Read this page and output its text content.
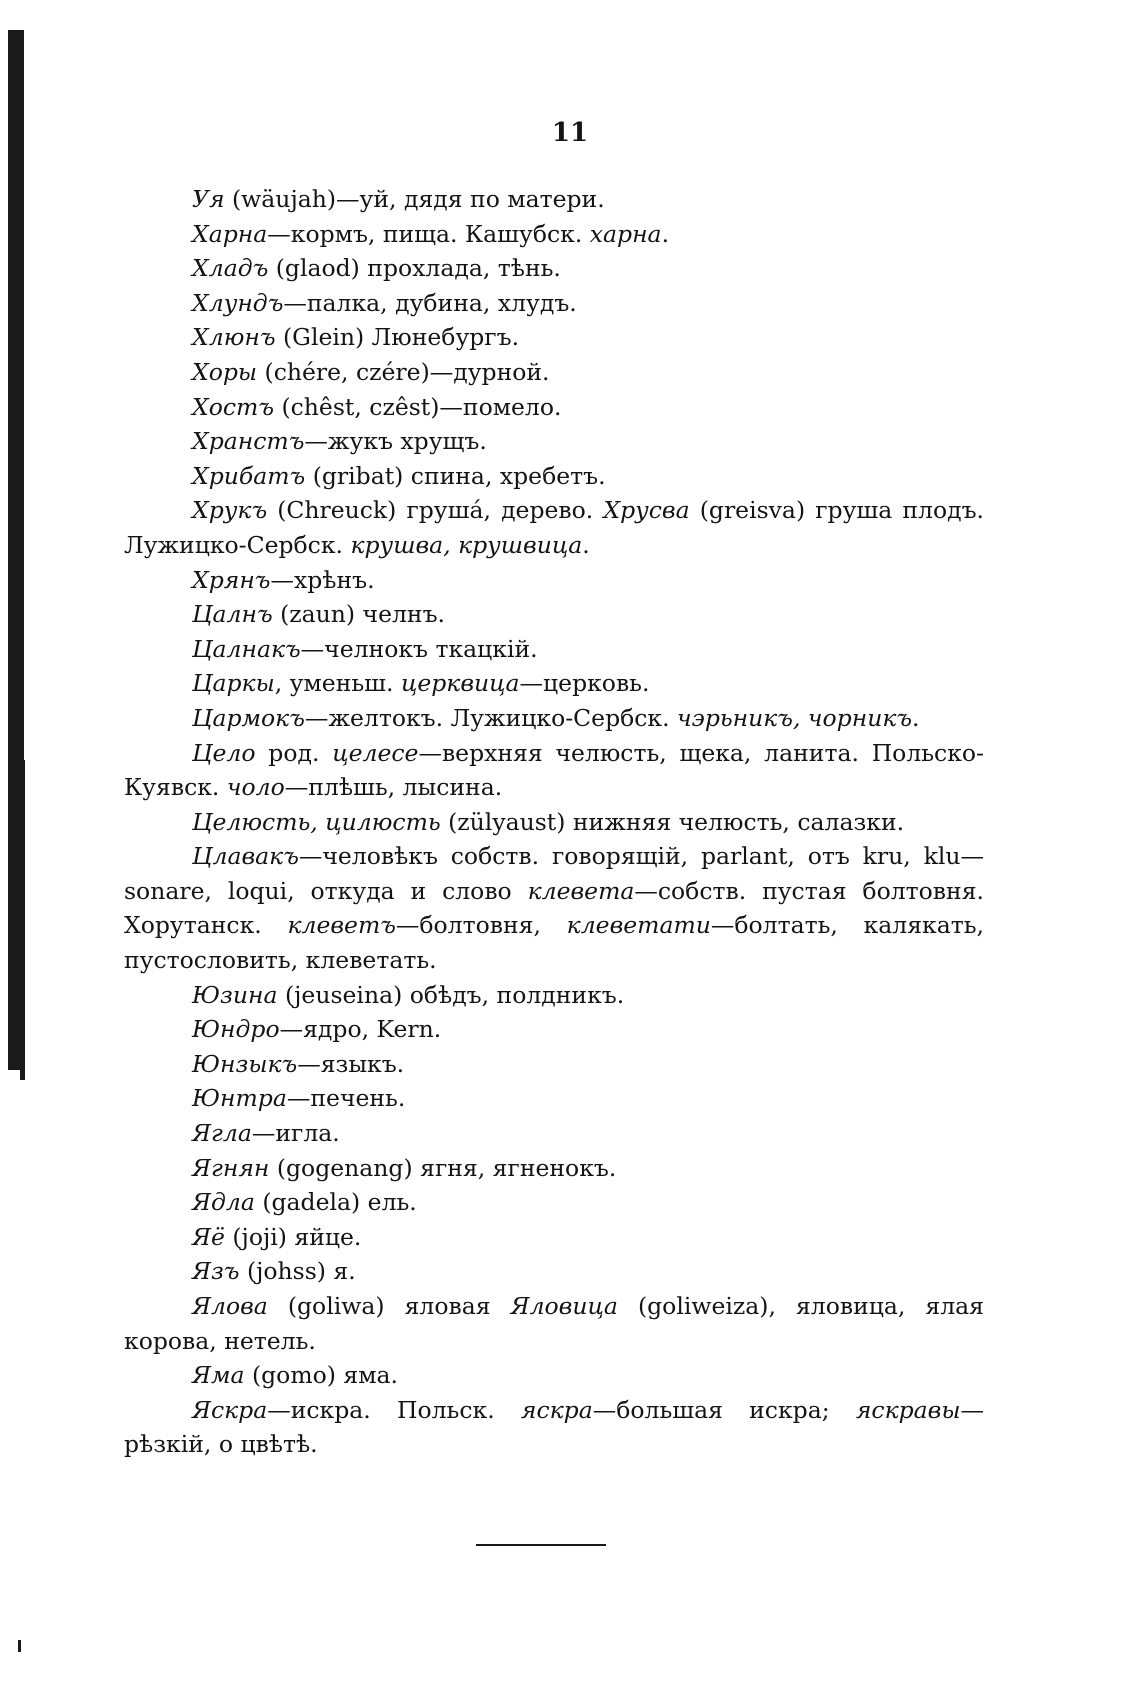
11

Уя (wäujah)—уй, дядя по матери.

Харна—кормъ, пища. Кашубск. харна.

Хладъ (glaod) прохлада, тѣнь.

Хлундъ—палка, дубина, хлудъ.

Хлюнъ (Glein) Люнебургъ.

Хоры (chére, czére)—дурной.

Хостъ (chêst, czêst)—помело.

Хранстъ—жукъ хрущъ.

Хрибатъ (gribat) спина, хребетъ.

Хрукъ (Chreuck) грушá, дерево. Хрусва (greisva) грушa плодъ. Лужицко-Сербск. крушва, крушвица.

Хрянъ—хрѣнъ.

Цалнъ (zaun) челнъ.

Цалнакъ—челнокъ ткацкiй.

Царкы, уменьш. церквица—церковь.

Цармокъ—желтокъ. Лужицко-Сербск. чэрьникъ, чорникъ.

Цело род. целесе—верхняя челюсть, щека, ланита. Польско-Куявск. чоло—плѣшь, лысина.

Целюсть, цилюсть (zülyaust) нижняя челюсть, салазки.

Цлавакъ—человѣкъ собств. говорящiй, parlant, отъ kru, klu—sonare, loqui, откуда и слово клевета—собств. пустая болтовня. Хорутанск. клеветъ—болтовня, клеветати—болтать, калякать, пустословить, клеветать.

Юзина (jeuseina) обѣдъ, полдникъ.

Юндро—ядро, Kern.

Юнзыкъ—языкъ.

Юнтра—печень.

Ягла—игла.

Ягнян (gogenang) ягня, ягненокъ.

Ядла (gadela) ель.

Яё (joji) яйце.

Язъ (johss) я.

Ялова (goliwa) яловая Яловица (goliweiza), яловица, ялая корова, нетель.

Яма (gomo) яма.

Яскра—искра. Польск. яскра—большая искра; яскравы—рѣзкiй, о цвѣтѣ.
